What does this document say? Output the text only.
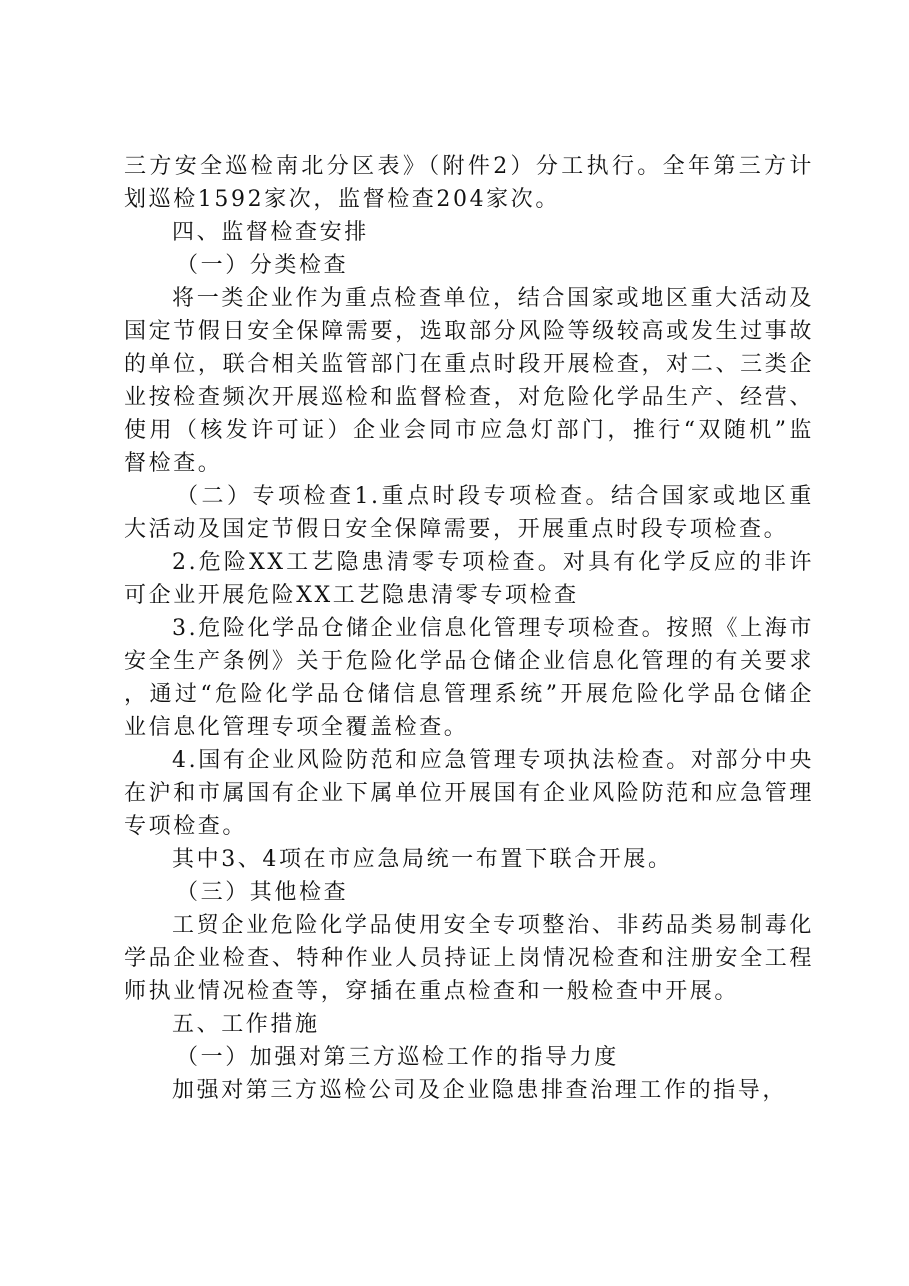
三方安全巡检南北分区表》（附件2）分工执行。全年第三方计划巡检1592家次，监督检查204家次。

四、监督检查安排

（一）分类检查

将一类企业作为重点检查单位，结合国家或地区重大活动及国定节假日安全保障需要，选取部分风险等级较高或发生过事故的单位，联合相关监管部门在重点时段开展检查，对二、三类企业按检查频次开展巡检和监督检查，对危险化学品生产、经营、使用（核发许可证）企业会同市应急灯部门，推行“双随机”监督检查。

（二）专项检查1.重点时段专项检查。结合国家或地区重大活动及国定节假日安全保障需要，开展重点时段专项检查。

2.危险XX工艺隐患清零专项检查。对具有化学反应的非许可企业开展危险XX工艺隐患清零专项检查

3.危险化学品仓储企业信息化管理专项检查。按照《上海市安全生产条例》关于危险化学品仓储企业信息化管理的有关要求，通过“危险化学品仓储信息管理系统”开展危险化学品仓储企业信息化管理专项全覆盖检查。

4.国有企业风险防范和应急管理专项执法检查。对部分中央在沪和市属国有企业下属单位开展国有企业风险防范和应急管理专项检查。

其中3、4项在市应急局统一布置下联合开展。

（三）其他检查

工贸企业危险化学品使用安全专项整治、非药品类易制毒化学品企业检查、特种作业人员持证上岗情况检查和注册安全工程师执业情况检查等，穿插在重点检查和一般检查中开展。

五、工作措施

（一）加强对第三方巡检工作的指导力度

加强对第三方巡检公司及企业隐患排查治理工作的指导，
